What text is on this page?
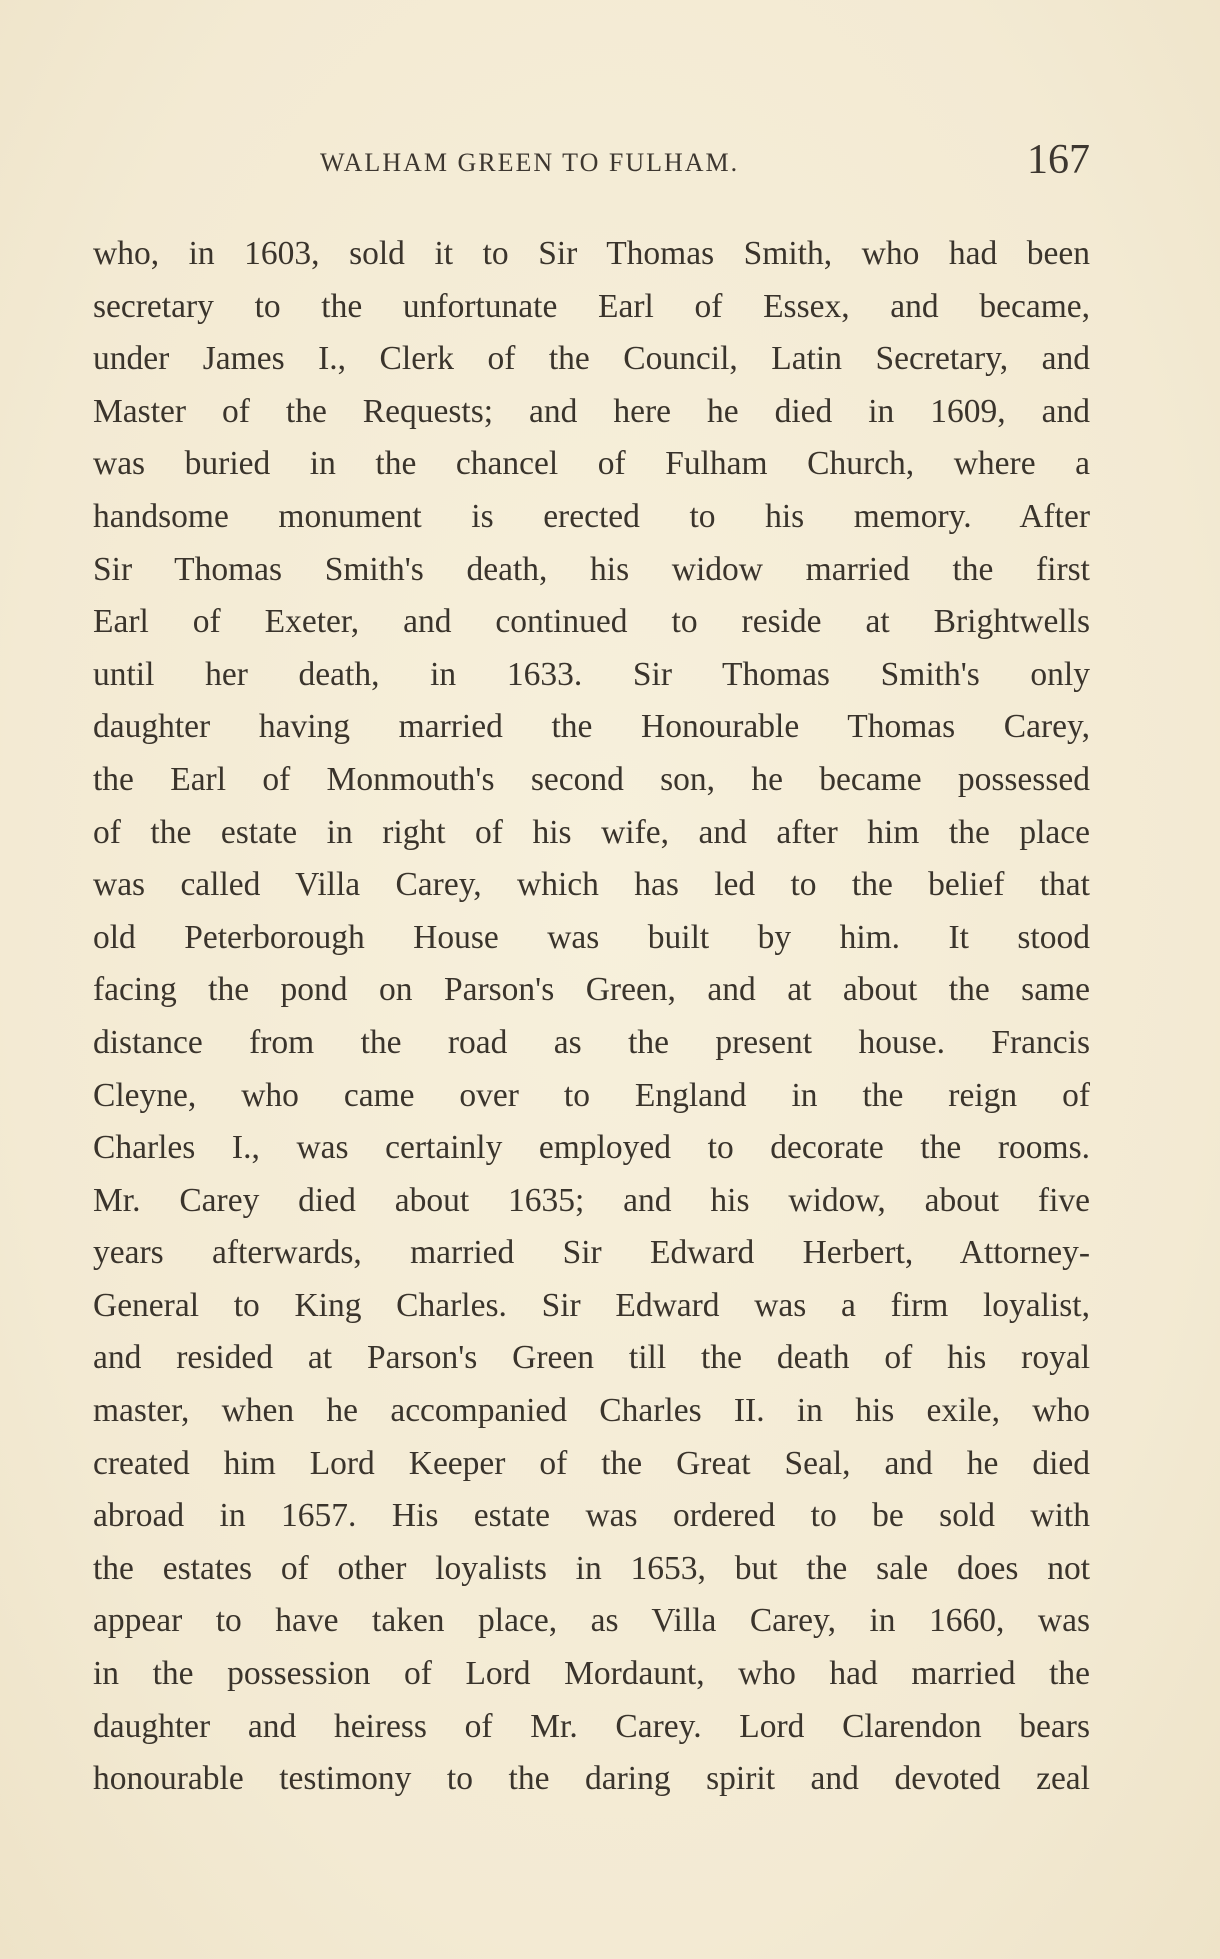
WALHAM GREEN TO FULHAM.	167
who, in 1603, sold it to Sir Thomas Smith, who had been
secretary to the unfortunate Earl of Essex, and became,
under James I., Clerk of the Council, Latin Secretary, and
Master of the Requests; and here he died in 1609, and
was buried in the chancel of Fulham Church, where a
handsome monument is erected to his memory. After
Sir Thomas Smith's death, his widow married the first
Earl of Exeter, and continued to reside at Brightwells
until her death, in 1633. Sir Thomas Smith's only
daughter having married the Honourable Thomas Carey,
the Earl of Monmouth's second son, he became possessed
of the estate in right of his wife, and after him the place
was called Villa Carey, which has led to the belief that
old Peterborough House was built by him. It stood
facing the pond on Parson's Green, and at about the same
distance from the road as the present house. Francis
Cleyne, who came over to England in the reign of
Charles I., was certainly employed to decorate the rooms.
Mr. Carey died about 1635; and his widow, about five
years afterwards, married Sir Edward Herbert, Attorney-
General to King Charles. Sir Edward was a firm loyalist,
and resided at Parson's Green till the death of his royal
master, when he accompanied Charles II. in his exile, who
created him Lord Keeper of the Great Seal, and he died
abroad in 1657. His estate was ordered to be sold with
the estates of other loyalists in 1653, but the sale does not
appear to have taken place, as Villa Carey, in 1660, was
in the possession of Lord Mordaunt, who had married the
daughter and heiress of Mr. Carey. Lord Clarendon bears
honourable testimony to the daring spirit and devoted zeal
